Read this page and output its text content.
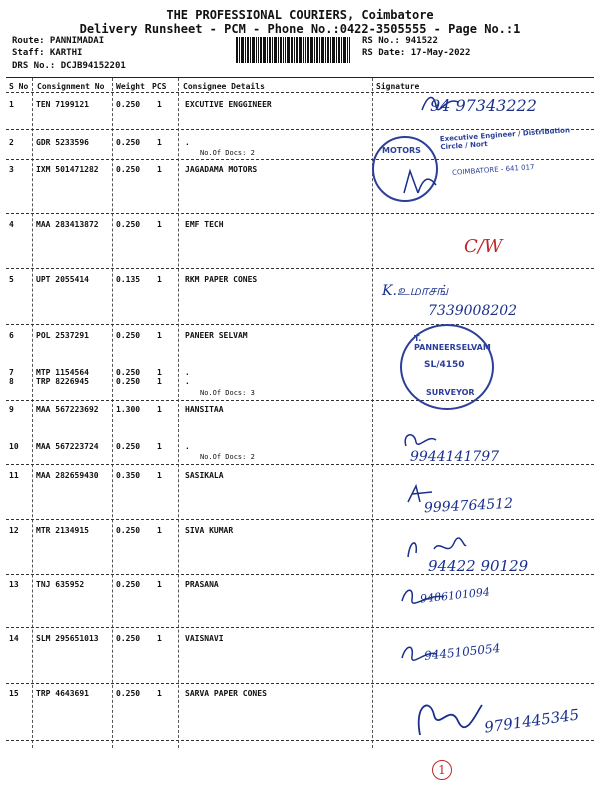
THE PROFESSIONAL COURIERS, Coimbatore
Delivery Runsheet - PCM - Phone No.:0422-3505555 - Page No.:1
Route: PANNIMADAI
Staff: KARTHI
DRS No.: DCJB94152201
RS No.: 941522
RS Date: 17-May-2022
S No Consignment No Weight PCS Consignee Details	Signature
1	TEN 7199121	0.250 1	EXCUTIVE ENGGINEER
2	GDR 5233596	0.250 1	.
No.Of Docs: 2
3	IXM 501471282 0.250 1	JAGADAMA MOTORS
4	MAA 283413872 0.250 1	EMF TECH
5	UPT 2055414	0.135 1	RKM PAPER CONES
6	POL 2537291	0.250 1	PANEER SELVAM
7	MTP 1154564	0.250 1	.
8	TRP 8226945	0.250 1	.
No.Of Docs: 3
9	MAA 567223692 1.300 1	HANSITAA
10 MAA 567223724 0.250 1	.
No.Of Docs: 2
11 MAA 282659430 0.350 1	SASIKALA
12 MTR 2134915	0.250 1	SIVA KUMAR
13 TNJ 635952	0.250 1	PRASANA
14 SLM 295651013 0.250 1	VAISNAVI
15 TRP 4643691	0.250 1	SARVA PAPER CONES
MOTORS
Executive Engineer / Distribution Circle / Nort
COIMBATORE - 641 017
T. PANNEERSELVAM
SL/4150
SURVEYOR
94 97343222
C/W
K.உமாசங்
7339008202
9944141797
9994764512
94422 90129
9486101094
9445105054
9791445345
1
